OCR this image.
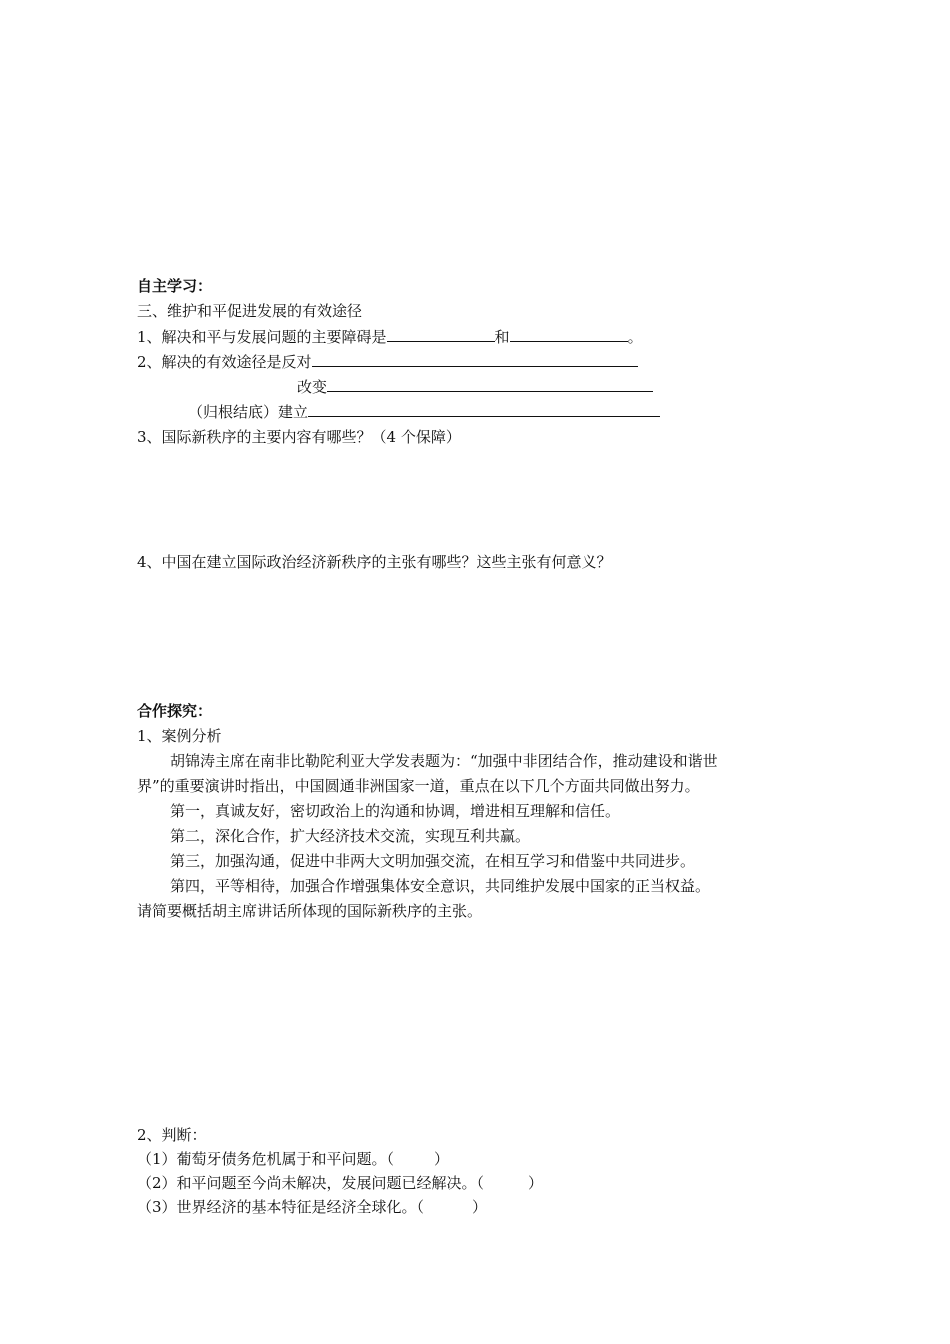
自主学习：
三、维护和平促进发展的有效途径
1、解决和平与发展问题的主要障碍是	和	。
2、解决的有效途径是反对
改变
（归根结底）建立
3、国际新秩序的主要内容有哪些？（4 个保障）
4、中国在建立国际政治经济新秩序的主张有哪些？这些主张有何意义？
合作探究：
1、案例分析
胡锦涛主席在南非比勒陀利亚大学发表题为：“加强中非团结合作，推动建设和谐世
界”的重要演讲时指出，中国圆通非洲国家一道，重点在以下几个方面共同做出努力。
第一，真诚友好，密切政治上的沟通和协调，增进相互理解和信任。
第二，深化合作，扩大经济技术交流，实现互利共赢。
第三，加强沟通，促进中非两大文明加强交流，在相互学习和借鉴中共同进步。
第四，平等相待，加强合作增强集体安全意识，共同维护发展中国家的正当权益。
请简要概括胡主席讲话所体现的国际新秩序的主张。
2、判断：
（1）葡萄牙债务危机属于和平问题。（	）
（2）和平问题至今尚未解决，发展问题已经解决。（	）
（3）世界经济的基本特征是经济全球化。（	）
